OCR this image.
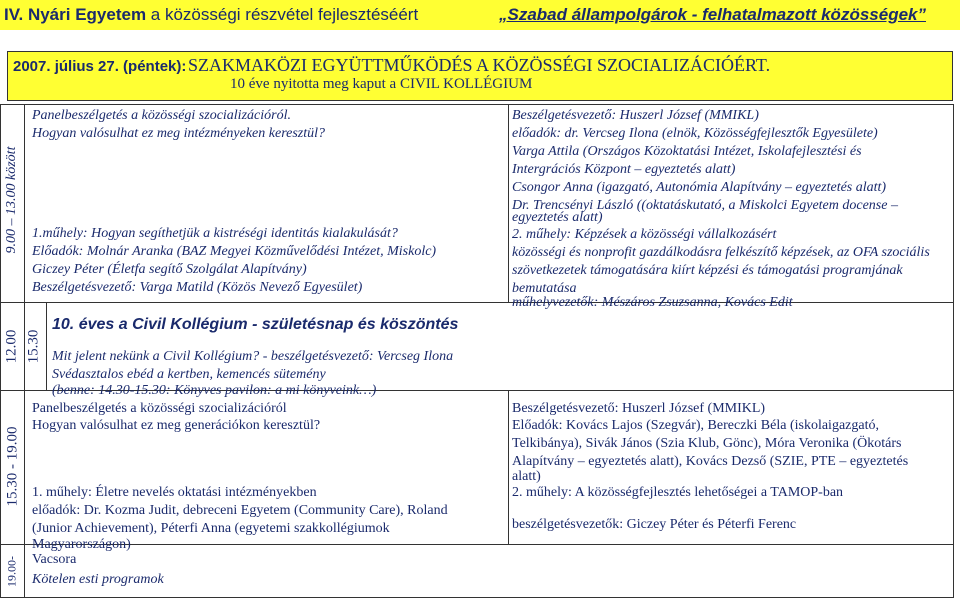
IV. Nyári Egyetem a közösségi részvétel fejlesztéséért	„Szabad állampolgárok - felhatalmazott közösségek”
2007. július 27. (péntek): SZAKMAKÖZI EGYÜTTMŰKÖDÉS A KÖZÖSSÉGI SZOCIALIZÁCIÓÉRT.
10 éve nyitotta meg kaput a CIVIL KOLLÉGIUM
9.00 – 13.00 között
12.00 15.30
15.30 - 19.00
19.00-
Panelbeszélgetés a közösségi szocializációról.
Hogyan valósulhat ez meg intézményeken keresztül?
1.műhely: Hogyan segíthetjük a kistréségi identitás kialakulását?
Előadók: Molnár Aranka (BAZ Megyei Közművelődési Intézet, Miskolc)
Giczey Péter (Életfa segítő Szolgálat Alapítvány)
Beszélgetésvezető: Varga Matild (Közös Nevező Egyesület)
Beszélgetésvezető: Huszerl József (MMIKL)
előadók: dr. Vercseg Ilona (elnök, Közösségfejlesztők Egyesülete)
Varga Attila (Országos Közoktatási Intézet, Iskolafejlesztési és
Intergrációs Központ – egyeztetés alatt)
Csongor Anna (igazgató, Autonómia Alapítvány – egyeztetés alatt)
Dr. Trencsényi László ((oktatáskutató, a Miskolci Egyetem docense –
egyeztetés alatt)
2. műhely: Képzések a közösségi vállalkozásért
közösségi és nonprofit gazdálkodásra felkészítő képzések, az OFA szociális
szövetkezetek támogatására kiírt képzési és támogatási programjának
bemutatása
műhelyvezetők: Mészáros Zsuzsanna, Kovács Edit
10. éves a Civil Kollégium - születésnap és köszöntés
Mit jelent nekünk a Civil Kollégium? - beszélgetésvezető: Vercseg Ilona
Svédasztalos ebéd a kertben, kemencés sütemény
(benne: 14.30-15.30: Könyves pavilon: a mi könyveink…)
Panelbeszélgetés a közösségi szocializációról
Hogyan valósulhat ez meg generációkon keresztül?
1. műhely: Életre nevelés oktatási intézményekben
előadók: Dr. Kozma Judit, debreceni Egyetem (Community Care), Roland
(Junior Achievement), Péterfi Anna (egyetemi szakkollégiumok
Magyarországon)
Beszélgetésvezető: Huszerl József (MMIKL)
Előadók: Kovács Lajos (Szegvár), Bereczki Béla (iskolaigazgató,
Telkibánya), Sivák János (Szia Klub, Gönc), Móra Veronika (Ökotárs
Alapítvány – egyeztetés alatt), Kovács Dezső (SZIE, PTE – egyeztetés
alatt)
2. műhely: A közösségfejlesztés lehetőségei a TAMOP-ban
beszélgetésvezetők: Giczey Péter és Péterfi Ferenc
Vacsora
Kötelen esti programok
